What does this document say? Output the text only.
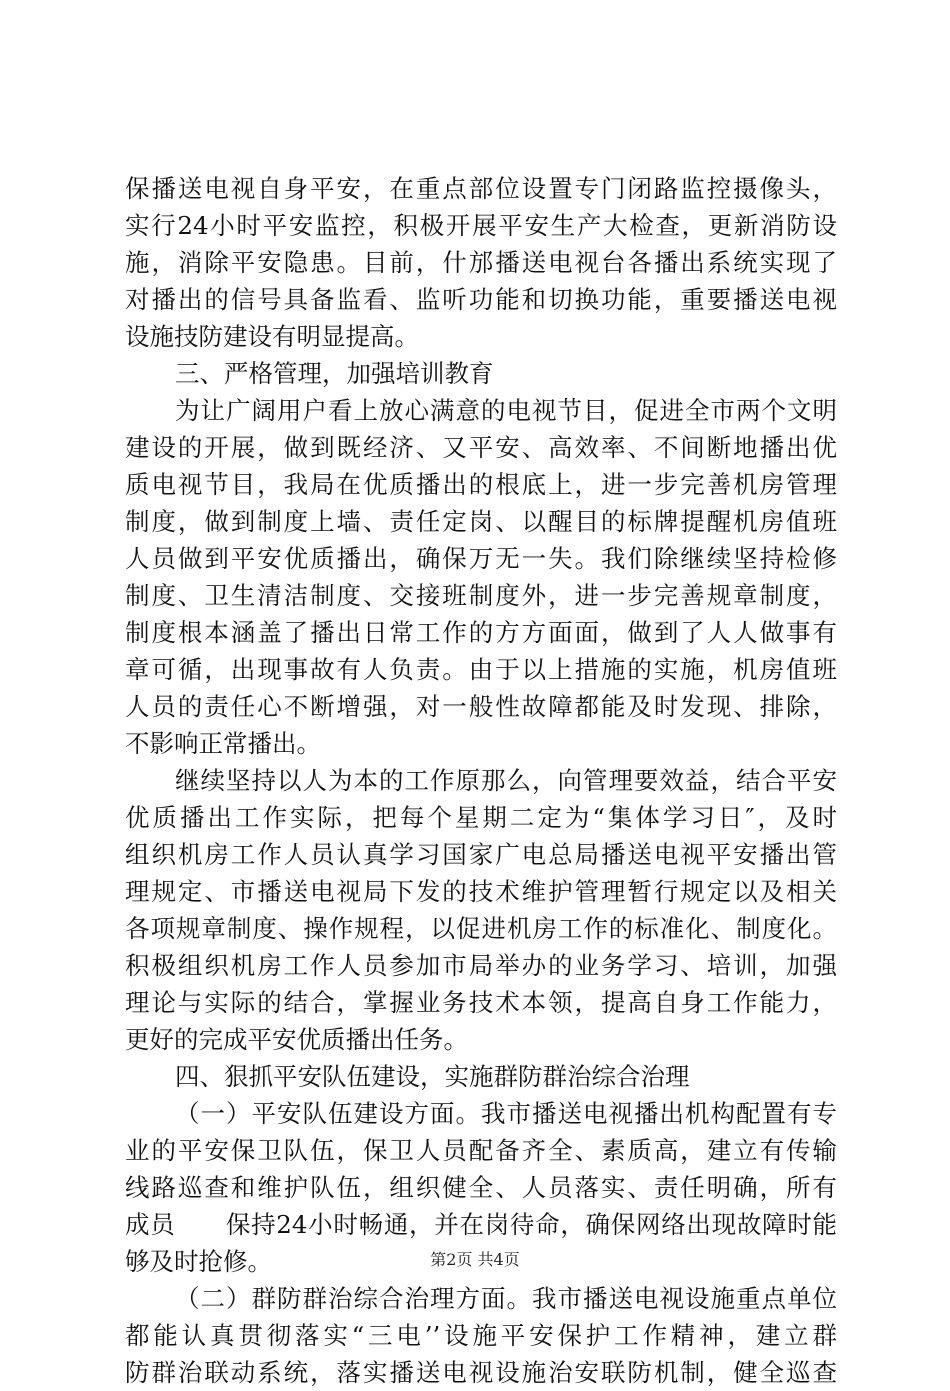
保播送电视自身平安，在重点部位设置专门闭路监控摄像头，
实行24小时平安监控，积极开展平安生产大检查，更新消防设
施，消除平安隐患。目前，什邡播送电视台各播出系统实现了
对播出的信号具备监看、监听功能和切换功能，重要播送电视
设施技防建设有明显提高。
三、严格管理，加强培训教育
为让广阔用户看上放心满意的电视节目，促进全市两个文明
建设的开展，做到既经济、又平安、高效率、不间断地播出优
质电视节目，我局在优质播出的根底上，进一步完善机房管理
制度，做到制度上墙、责任定岗、以醒目的标牌提醒机房值班
人员做到平安优质播出，确保万无一失。我们除继续坚持检修
制度、卫生清洁制度、交接班制度外，进一步完善规章制度，
制度根本涵盖了播出日常工作的方方面面，做到了人人做事有
章可循，出现事故有人负责。由于以上措施的实施，机房值班
人员的责任心不断增强，对一般性故障都能及时发现、排除，
不影响正常播出。
继续坚持以人为本的工作原那么，向管理要效益，结合平安
优质播出工作实际，把每个星期二定为“集体学习日″，及时
组织机房工作人员认真学习国家广电总局播送电视平安播出管
理规定、市播送电视局下发的技术维护管理暂行规定以及相关
各项规章制度、操作规程，以促进机房工作的标准化、制度化。
积极组织机房工作人员参加市局举办的业务学习、培训，加强
理论与实际的结合，掌握业务技术本领，提高自身工作能力，
更好的完成平安优质播出任务。
四、狠抓平安队伍建设，实施群防群治综合治理
（一）平安队伍建设方面。我市播送电视播出机构配置有专
业的平安保卫队伍，保卫人员配备齐全、素质高，建立有传输
线路巡查和维护队伍，组织健全、人员落实、责任明确，所有
成员　　保持24小时畅通，并在岗待命，确保网络出现故障时能
够及时抢修。
（二）群防群治综合治理方面。我市播送电视设施重点单位
都能认真贯彻落实“三电’’设施平安保护工作精神，建立群
防群治联动系统，落实播送电视设施治安联防机制，健全巡查
第2页 共4页
